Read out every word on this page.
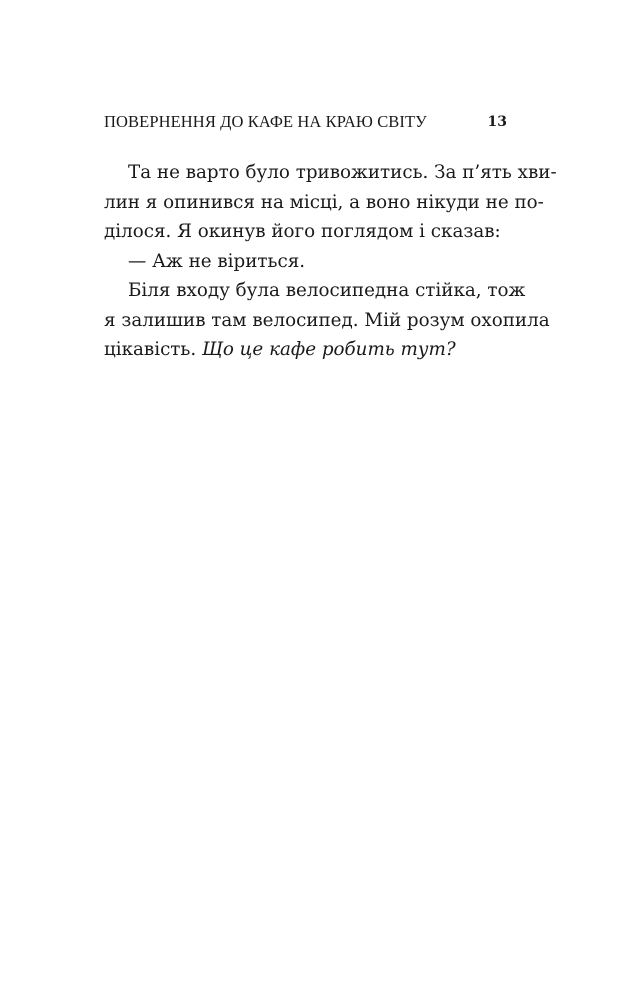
ПОВЕРНЕННЯ ДО КАФЕ НА КРАЮ СВІТУ	13
Та не варто було тривожитись. За п’ять хви-
лин я опинився на місці, а воно нікуди не по-
ділося. Я окинув його поглядом і сказав:
— Аж не віриться.
Біля входу була велосипедна стійка, тож
я залишив там велосипед. Мій розум охопила
цікавість. Що це кафе робить тут?
